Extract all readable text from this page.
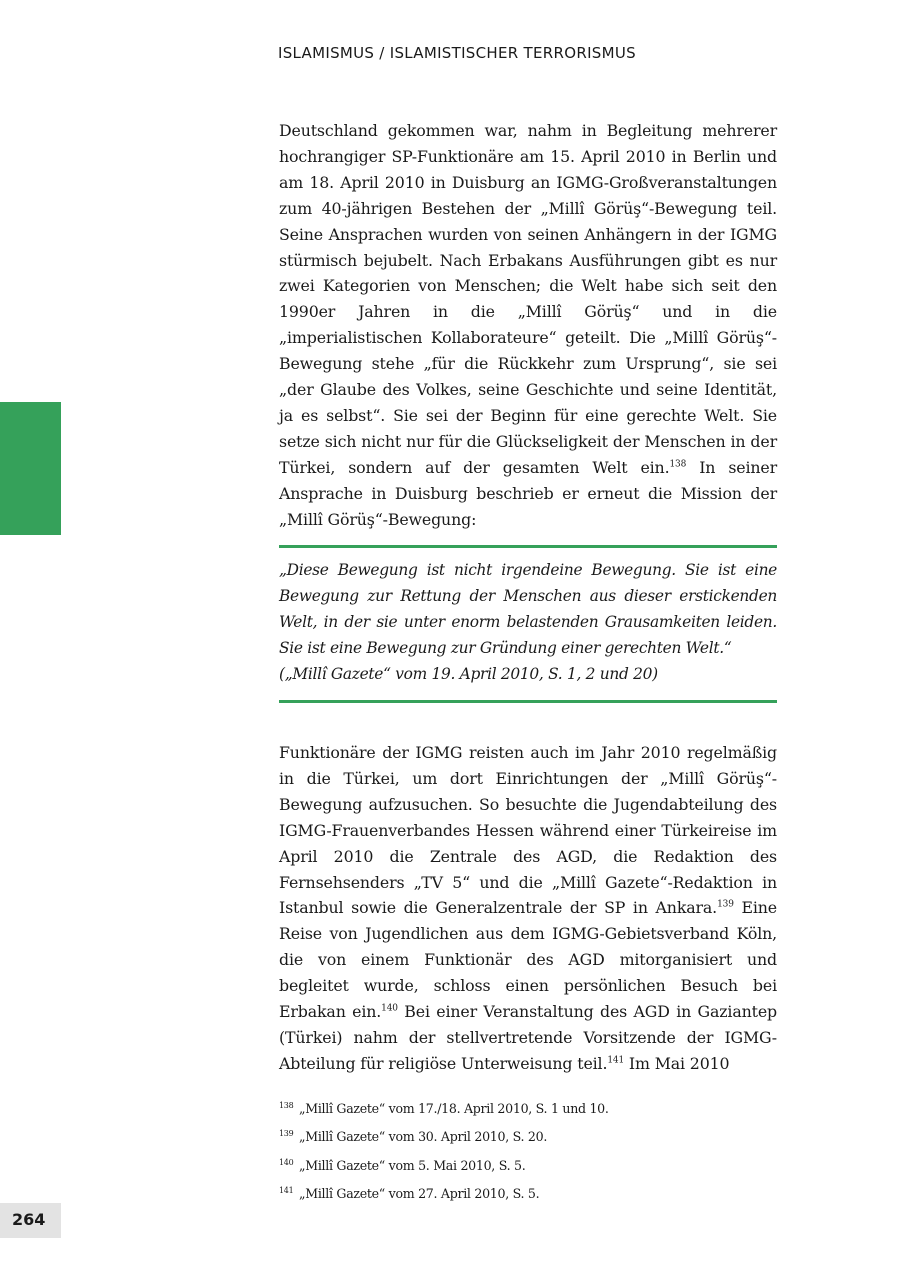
ISLAMISMUS / ISLAMISTISCHER TERRORISMUS

Deutschland gekommen war, nahm in Begleitung mehrerer hochrangiger SP-Funktionäre am 15. April 2010 in Berlin und am 18. April 2010 in Duisburg an IGMG-Großveranstaltungen zum 40-jährigen Bestehen der „Millî Görüş“-Bewegung teil. Seine Ansprachen wurden von seinen Anhängern in der IGMG stürmisch bejubelt. Nach Erbakans Ausführungen gibt es nur zwei Kategorien von Menschen; die Welt habe sich seit den 1990er Jahren in die „Millî Görüş“ und in die „imperialistischen Kollaborateure“ geteilt. Die „Millî Görüş“-Bewegung stehe „für die Rückkehr zum Ursprung“, sie sei „der Glaube des Volkes, seine Geschichte und seine Identität, ja es selbst“. Sie sei der Beginn für eine gerechte Welt. Sie setze sich nicht nur für die Glückseligkeit der Menschen in der Türkei, sondern auf der gesamten Welt ein.$^{138}$ In seiner Ansprache in Duisburg beschrieb er erneut die Mission der „Millî Görüş“-Bewegung:

„Diese Bewegung ist nicht irgendeine Bewegung. Sie ist eine Bewegung zur Rettung der Menschen aus dieser erstickenden Welt, in der sie unter enorm belastenden Grausamkeiten leiden. Sie ist eine Bewegung zur Gründung einer gerechten Welt.“
(„Millî Gazete“ vom 19. April 2010, S. 1, 2 und 20)

Funktionäre der IGMG reisten auch im Jahr 2010 regelmäßig in die Türkei, um dort Einrichtungen der „Millî Görüş“-Bewegung aufzusuchen. So besuchte die Jugendabteilung des IGMG-Frauenverbandes Hessen während einer Türkeireise im April 2010 die Zentrale des AGD, die Redaktion des Fernsehsenders „TV 5“ und die „Millî Gazete“-Redaktion in Istanbul sowie die Generalzentrale der SP in Ankara.$^{139}$ Eine Reise von Jugendlichen aus dem IGMG-Gebietsverband Köln, die von einem Funktionär des AGD mitorganisiert und begleitet wurde, schloss einen persönlichen Besuch bei Erbakan ein.$^{140}$ Bei einer Veranstaltung des AGD in Gaziantep (Türkei) nahm der stellvertretende Vorsitzende der IGMG-Abteilung für religiöse Unterweisung teil.$^{141}$ Im Mai 2010

138 „Millî Gazete“ vom 17./18. April 2010, S. 1 und 10.
139 „Millî Gazete“ vom 30. April 2010, S. 20.
140 „Millî Gazete“ vom 5. Mai 2010, S. 5.
141 „Millî Gazete“ vom 27. April 2010, S. 5.
264
